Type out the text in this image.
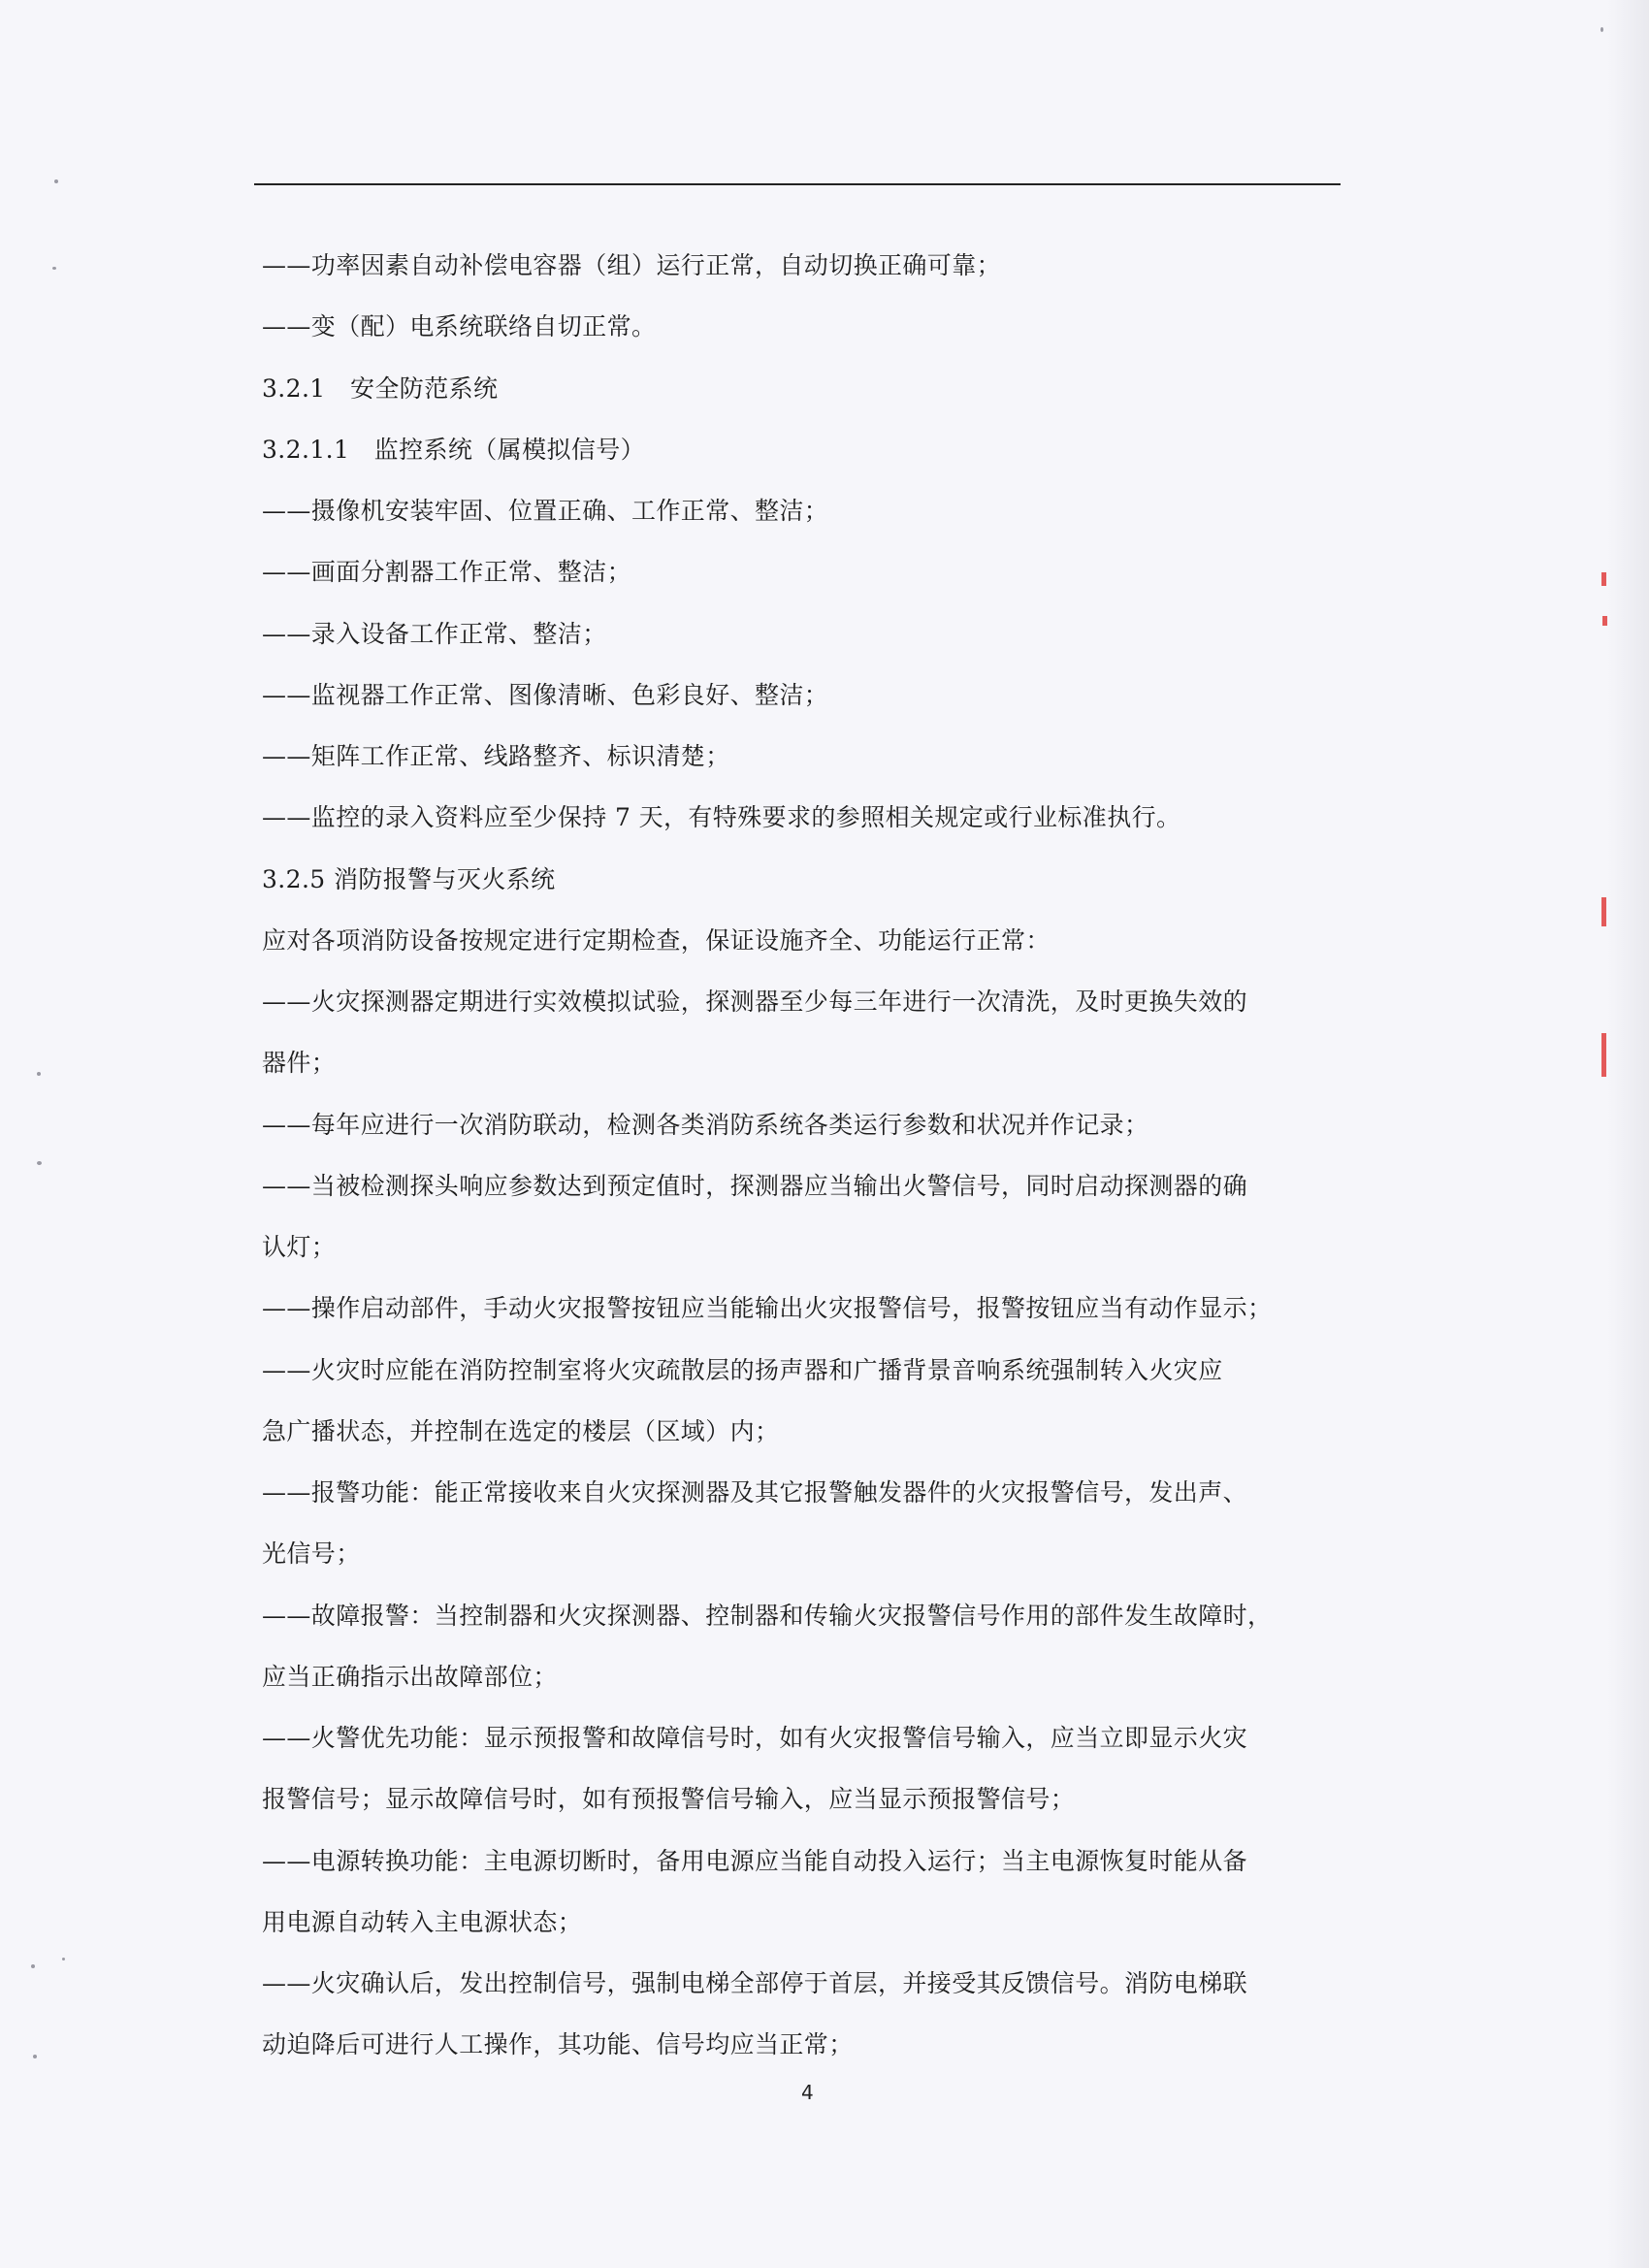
——功率因素自动补偿电容器（组）运行正常，自动切换正确可靠；
——变（配）电系统联络自切正常。
3.2.1　安全防范系统
3.2.1.1　监控系统（属模拟信号）
——摄像机安装牢固、位置正确、工作正常、整洁；
——画面分割器工作正常、整洁；
——录入设备工作正常、整洁；
——监视器工作正常、图像清晰、色彩良好、整洁；
——矩阵工作正常、线路整齐、标识清楚；
——监控的录入资料应至少保持 7 天，有特殊要求的参照相关规定或行业标准执行。
3.2.5 消防报警与灭火系统
应对各项消防设备按规定进行定期检查，保证设施齐全、功能运行正常：
——火灾探测器定期进行实效模拟试验，探测器至少每三年进行一次清洗，及时更换失效的
器件；
——每年应进行一次消防联动，检测各类消防系统各类运行参数和状况并作记录；
——当被检测探头响应参数达到预定值时，探测器应当输出火警信号，同时启动探测器的确
认灯；
——操作启动部件，手动火灾报警按钮应当能输出火灾报警信号，报警按钮应当有动作显示；
——火灾时应能在消防控制室将火灾疏散层的扬声器和广播背景音响系统强制转入火灾应
急广播状态，并控制在选定的楼层（区域）内；
——报警功能：能正常接收来自火灾探测器及其它报警触发器件的火灾报警信号，发出声、
光信号；
——故障报警：当控制器和火灾探测器、控制器和传输火灾报警信号作用的部件发生故障时，
应当正确指示出故障部位；
——火警优先功能：显示预报警和故障信号时，如有火灾报警信号输入，应当立即显示火灾
报警信号；显示故障信号时，如有预报警信号输入，应当显示预报警信号；
——电源转换功能：主电源切断时，备用电源应当能自动投入运行；当主电源恢复时能从备
用电源自动转入主电源状态；
——火灾确认后，发出控制信号，强制电梯全部停于首层，并接受其反馈信号。消防电梯联
动迫降后可进行人工操作，其功能、信号均应当正常；
4
